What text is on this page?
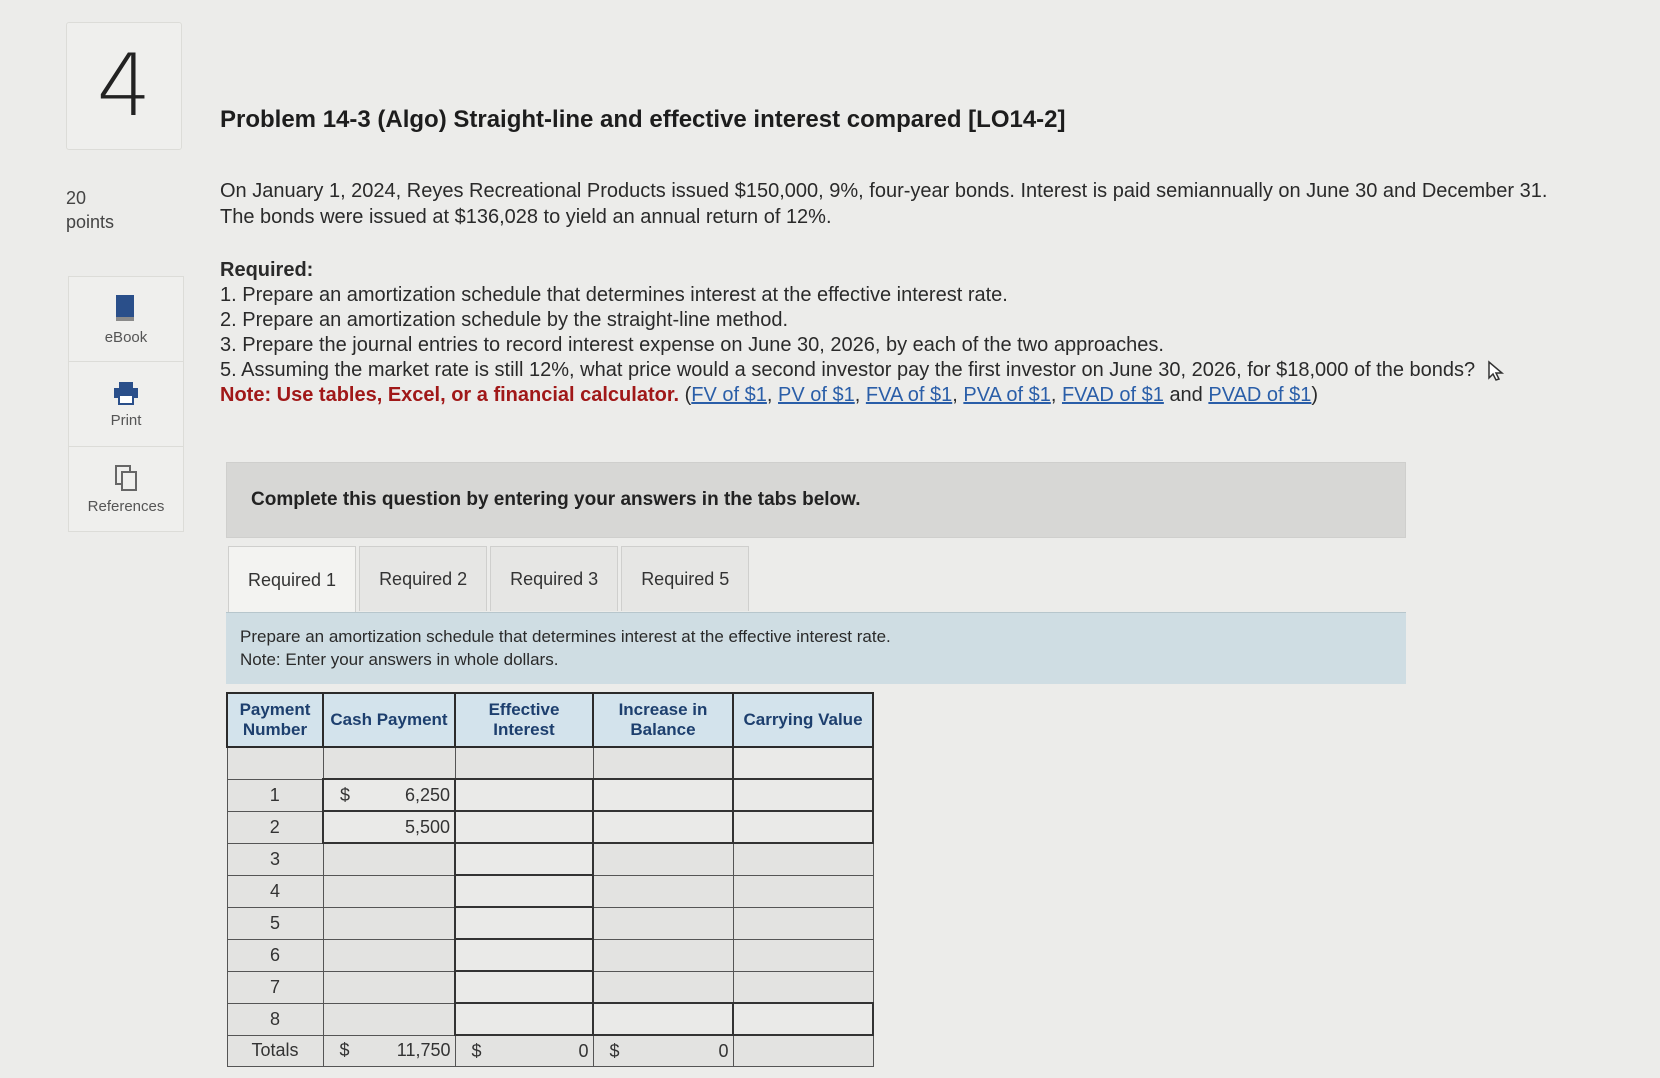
4
20
points
eBook
Print
References
Problem 14-3 (Algo) Straight-line and effective interest compared [LO14-2]
On January 1, 2024, Reyes Recreational Products issued $150,000, 9%, four-year bonds. Interest is paid semiannually on June 30 and December 31. The bonds were issued at $136,028 to yield an annual return of 12%.
Required:
1. Prepare an amortization schedule that determines interest at the effective interest rate.
2. Prepare an amortization schedule by the straight-line method.
3. Prepare the journal entries to record interest expense on June 30, 2026, by each of the two approaches.
5. Assuming the market rate is still 12%, what price would a second investor pay the first investor on June 30, 2026, for $18,000 of the bonds?
Note: Use tables, Excel, or a financial calculator. (FV of $1, PV of $1, FVA of $1, PVA of $1, FVAD of $1 and PVAD of $1)
Complete this question by entering your answers in the tabs below.
Required 1	Required 2	Required 3	Required 5
Prepare an amortization schedule that determines interest at the effective interest rate.
Note: Enter your answers in whole dollars.
Payment Number	Cash Payment	Effective Interest	Increase in Balance	Carrying Value

1	$ 6,250			

2	5,500			

3				
4				
5				
6				
7				
8				
Totals	$ 11,750	$ 0	$ 0	
